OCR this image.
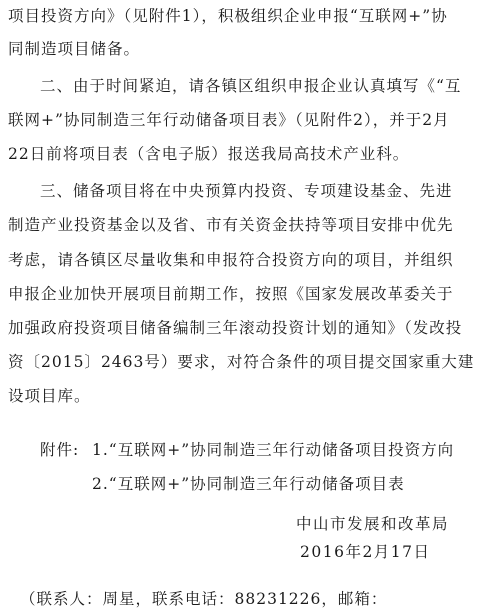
项目投资方向》（见附件1），积极组织企业申报“互联网+”协
同制造项目储备。
二、由于时间紧迫，请各镇区组织申报企业认真填写《“互
联网+”协同制造三年行动储备项目表》（见附件2），并于2月
22日前将项目表（含电子版）报送我局高技术产业科。
三、储备项目将在中央预算内投资、专项建设基金、先进
制造产业投资基金以及省、市有关资金扶持等项目安排中优先
考虑，请各镇区尽量收集和申报符合投资方向的项目，并组织
申报企业加快开展项目前期工作，按照《国家发展改革委关于
加强政府投资项目储备编制三年滚动投资计划的通知》（发改投
资〔2015〕2463号）要求，对符合条件的项目提交国家重大建
设项目库。
附件: 1.“互联网+”协同制造三年行动储备项目投资方向
2.“互联网+”协同制造三年行动储备项目表
中山市发展和改革局
2016年2月17日
（联系人：周星，联系电话：88231226，邮箱：
